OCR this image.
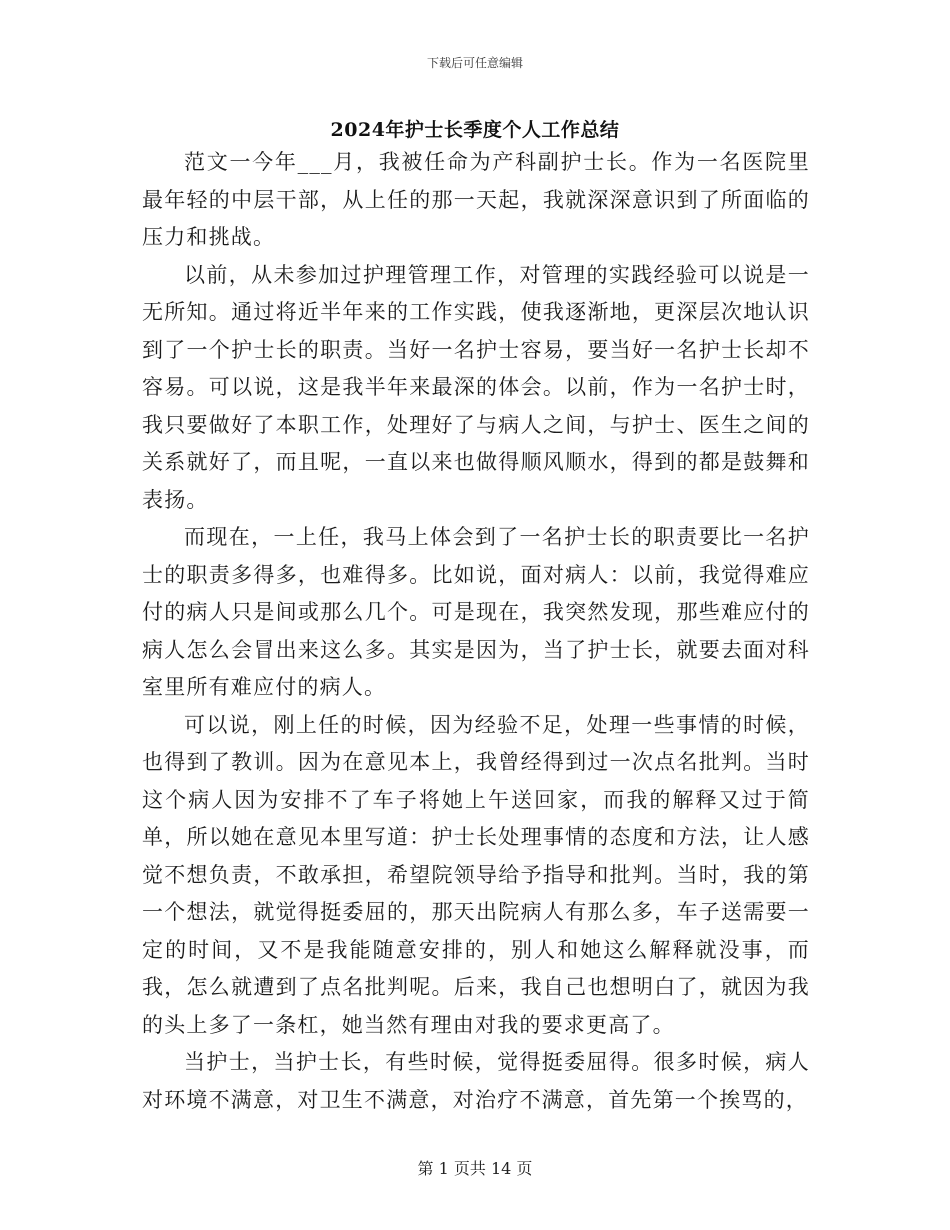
下载后可任意编辑
2024年护士长季度个人工作总结

范文一今年___月，我被任命为产科副护士长。作为一名医院里最年轻的中层干部，从上任的那一天起，我就深深意识到了所面临的压力和挑战。

以前，从未参加过护理管理工作，对管理的实践经验可以说是一无所知。通过将近半年来的工作实践，使我逐渐地，更深层次地认识到了一个护士长的职责。当好一名护士容易，要当好一名护士长却不容易。可以说，这是我半年来最深的体会。以前，作为一名护士时，我只要做好了本职工作，处理好了与病人之间，与护士、医生之间的关系就好了，而且呢，一直以来也做得顺风顺水，得到的都是鼓舞和表扬。

而现在，一上任，我马上体会到了一名护士长的职责要比一名护士的职责多得多，也难得多。比如说，面对病人：以前，我觉得难应付的病人只是间或那么几个。可是现在，我突然发现，那些难应付的病人怎么会冒出来这么多。其实是因为，当了护士长，就要去面对科室里所有难应付的病人。

可以说，刚上任的时候，因为经验不足，处理一些事情的时候，也得到了教训。因为在意见本上，我曾经得到过一次点名批判。当时这个病人因为安排不了车子将她上午送回家，而我的解释又过于简单，所以她在意见本里写道：护士长处理事情的态度和方法，让人感觉不想负责，不敢承担，希望院领导给予指导和批判。当时，我的第一个想法，就觉得挺委屈的，那天出院病人有那么多，车子送需要一定的时间，又不是我能随意安排的，别人和她这么解释就没事，而我，怎么就遭到了点名批判呢。后来，我自己也想明白了，就因为我的头上多了一条杠，她当然有理由对我的要求更高了。

当护士，当护士长，有些时候，觉得挺委屈得。很多时候，病人对环境不满意，对卫生不满意，对治疗不满意，首先第一个挨骂的，

第 1 页共 14 页
